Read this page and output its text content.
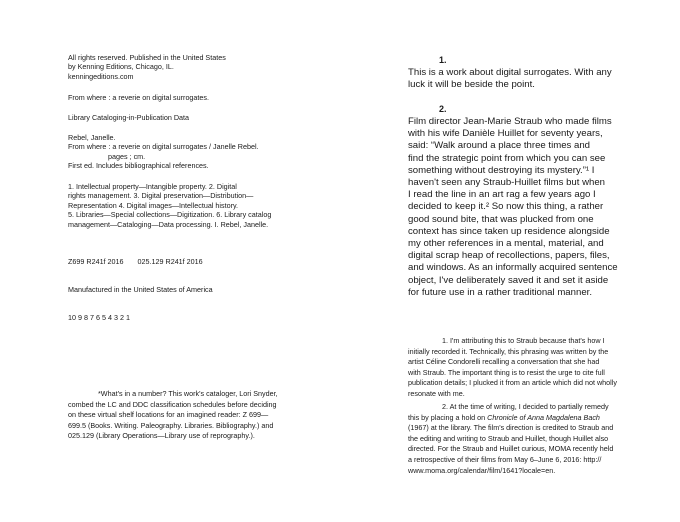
All rights reserved. Published in the United States
by Kenning Editions, Chicago, IL.
kenningeditions.com
From where : a reverie on digital surrogates.
Library Cataloging-in-Publication Data
Rebel, Janelle.
From where : a reverie on digital surrogates / Janelle Rebel.
pages ; cm.
First ed. Includes bibliographical references.
1. Intellectual property—Intangible property. 2. Digital
rights management. 3. Digital preservation—Distribution—
Representation 4. Digital images—Intellectual history.
5. Libraries—Special collections—Digitization. 6. Library catalog
management—Cataloging—Data processing. I. Rebel, Janelle.

Z699 R241f 2016       025.129 R241f 2016

Manufactured in the United States of America

10 9 8 7 6 5 4 3 2 1

*What's in a number? This work's cataloger, Lori Snyder,
combed the LC and DDC classification schedules before deciding
on these virtual shelf locations for an imagined reader: Z 699—
699.5 (Books. Writing. Paleography. Libraries. Bibliography.) and
025.129 (Library Operations—Library use of reprography.).
1.
This is a work about digital surrogates. With any
luck it will be beside the point.
2.
Film director Jean-Marie Straub who made films
with his wife Danièle Huillet for seventy years,
said: “Walk around a place three times and
find the strategic point from which you can see
something without destroying its mystery.”¹ I
haven't seen any Straub-Huillet films but when
I read the line in an art rag a few years ago I
decided to keep it.² So now this thing, a rather
good sound bite, that was plucked from one
context has since taken up residence alongside
my other references in a mental, material, and
digital scrap heap of recollections, papers, files,
and windows. As an informally acquired sentence
object, I've deliberately saved it and set it aside
for future use in a rather traditional manner.
1. I'm attributing this to Straub because that's how I
initially recorded it. Technically, this phrasing was written by the
artist Céline Condorelli recalling a conversation that she had
with Straub. The important thing is to resist the urge to cite full
publication details; I plucked it from an article which did not wholly
resonate with me.
2. At the time of writing, I decided to partially remedy
this by placing a hold on Chronicle of Anna Magdalena Bach
(1967) at the library. The film's direction is credited to Straub and
the editing and writing to Straub and Huillet, though Huillet also
directed. For the Straub and Huillet curious, MOMA recently held
a retrospective of their films from May 6–June 6, 2016: http://
www.moma.org/calendar/film/1641?locale=en.
